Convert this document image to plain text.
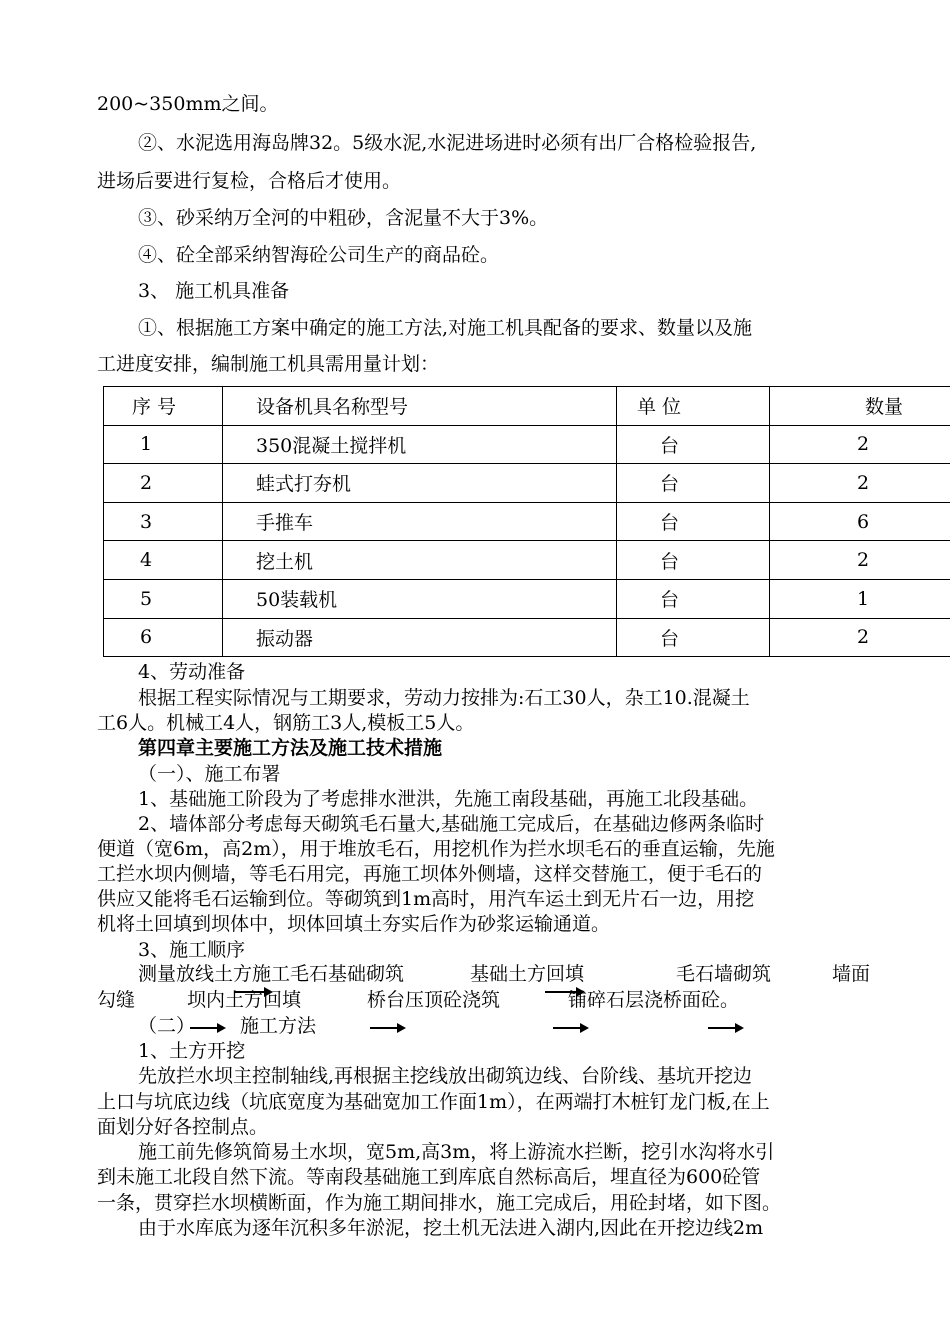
200~350mm之间。
②、水泥选用海岛牌32。5级水泥,水泥进场进时必须有出厂合格检验报告,
进场后要进行复检，合格后才使用。
③、砂采纳万全河的中粗砂，含泥量不大于3%。
④、砼全部采纳智海砼公司生产的商品砼。
3、 施工机具准备
①、根据施工方案中确定的施工方法,对施工机具配备的要求、数量以及施
工进度安排，编制施工机具需用量计划：
序 号	设备机具名称型号	单 位	数量
1	350混凝土搅拌机	台	2
2	蛙式打夯机	台	2
3	手推车	台	6
4	挖土机	台	2
5	50装载机	台	1
6	振动器	台	2
4、劳动准备
根据工程实际情况与工期要求，劳动力按排为:石工30人，杂工10.混凝土
工6人。机械工4人，钢筋工3人,模板工5人。
第四章主要施工方法及施工技术措施
（一）、施工布署
1、基础施工阶段为了考虑排水泄洪，先施工南段基础，再施工北段基础。
2、墙体部分考虑每天砌筑毛石量大,基础施工完成后，在基础边修两条临时
便道（宽6m，高2m），用于堆放毛石，用挖机作为拦水坝毛石的垂直运输，先施
工拦水坝内侧墙，等毛石用完，再施工坝体外侧墙，这样交替施工，便于毛石的
供应又能将毛石运输到位。等砌筑到1m高时，用汽车运土到无片石一边，用挖
机将土回填到坝体中，坝体回填土夯实后作为砂浆运输通道。
3、施工顺序
测量放线土方施工毛石基础砌筑	基础土方回填	毛石墙砌筑	墙面
勾缝	坝内土方回填	桥台压顶砼浇筑	铺碎石层浇桥面砼。
（二） 施工方法
1、土方开挖
先放拦水坝主控制轴线,再根据主挖线放出砌筑边线、台阶线、基坑开挖边
上口与坑底边线（坑底宽度为基础宽加工作面1m），在两端打木桩钉龙门板,在上
面划分好各控制点。
施工前先修筑简易土水坝，宽5m,高3m，将上游流水拦断，挖引水沟将水引
到未施工北段自然下流。等南段基础施工到库底自然标高后，埋直径为600砼管
一条，贯穿拦水坝横断面，作为施工期间排水，施工完成后，用砼封堵，如下图。
由于水库底为逐年沉积多年淤泥，挖土机无法进入湖内,因此在开挖边线2m
